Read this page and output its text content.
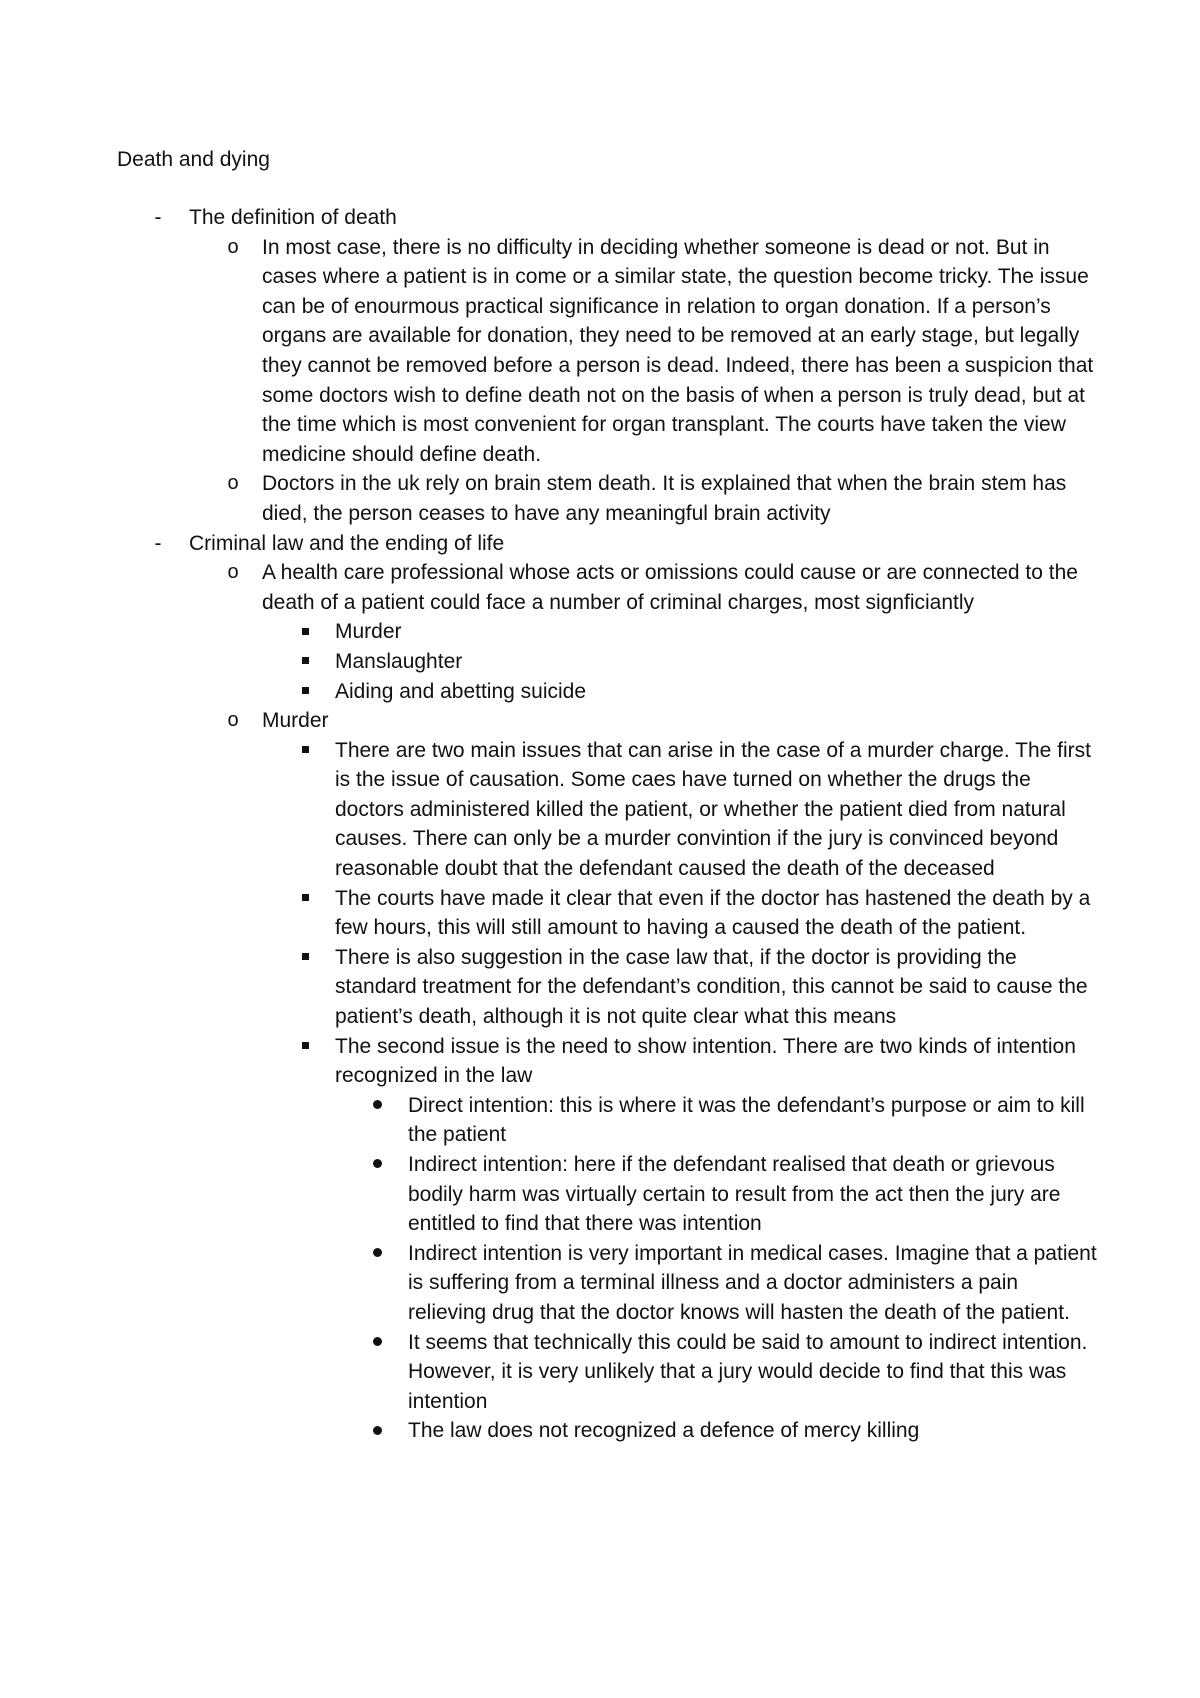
Death and dying

-	The definition of death
o In most case, there is no difficulty in deciding whether someone is dead or not. But in cases where a patient is in come or a similar state, the question become tricky. The issue can be of enourmous practical significance in relation to organ donation. If a person’s organs are available for donation, they need to be removed at an early stage, but legally they cannot be removed before a person is dead. Indeed, there has been a suspicion that some doctors wish to define death not on the basis of when a person is truly dead, but at the time which is most convenient for organ transplant. The courts have taken the view medicine should define death.
o Doctors in the uk rely on brain stem death. It is explained that when the brain stem has died, the person ceases to have any meaningful brain activity
-	Criminal law and the ending of life
o A health care professional whose acts or omissions could cause or are connected to the death of a patient could face a number of criminal charges, most signficiantly
Murder
Manslaughter
Aiding and abetting suicide
o Murder
There are two main issues that can arise in the case of a murder charge. The first is the issue of causation. Some caes have turned on whether the drugs the doctors administered killed the patient, or whether the patient died from natural causes. There can only be a murder convintion if the jury is convinced beyond reasonable doubt that the defendant caused the death of the deceased
The courts have made it clear that even if the doctor has hastened the death by a few hours, this will still amount to having a caused the death of the patient.
There is also suggestion in the case law that, if the doctor is providing the standard treatment for the defendant’s condition, this cannot be said to cause the patient’s death, although it is not quite clear what this means
The second issue is the need to show intention. There are two kinds of intention recognized in the law
Direct intention: this is where it was the defendant’s purpose or aim to kill the patient
Indirect intention: here if the defendant realised that death or grievous bodily harm was virtually certain to result from the act then the jury are entitled to find that there was intention
Indirect intention is very important in medical cases. Imagine that a patient is suffering from a terminal illness and a doctor administers a pain relieving drug that the doctor knows will hasten the death of the patient.
It seems that technically this could be said to amount to indirect intention. However, it is very unlikely that a jury would decide to find that this was intention
The law does not recognized a defence of mercy killing
